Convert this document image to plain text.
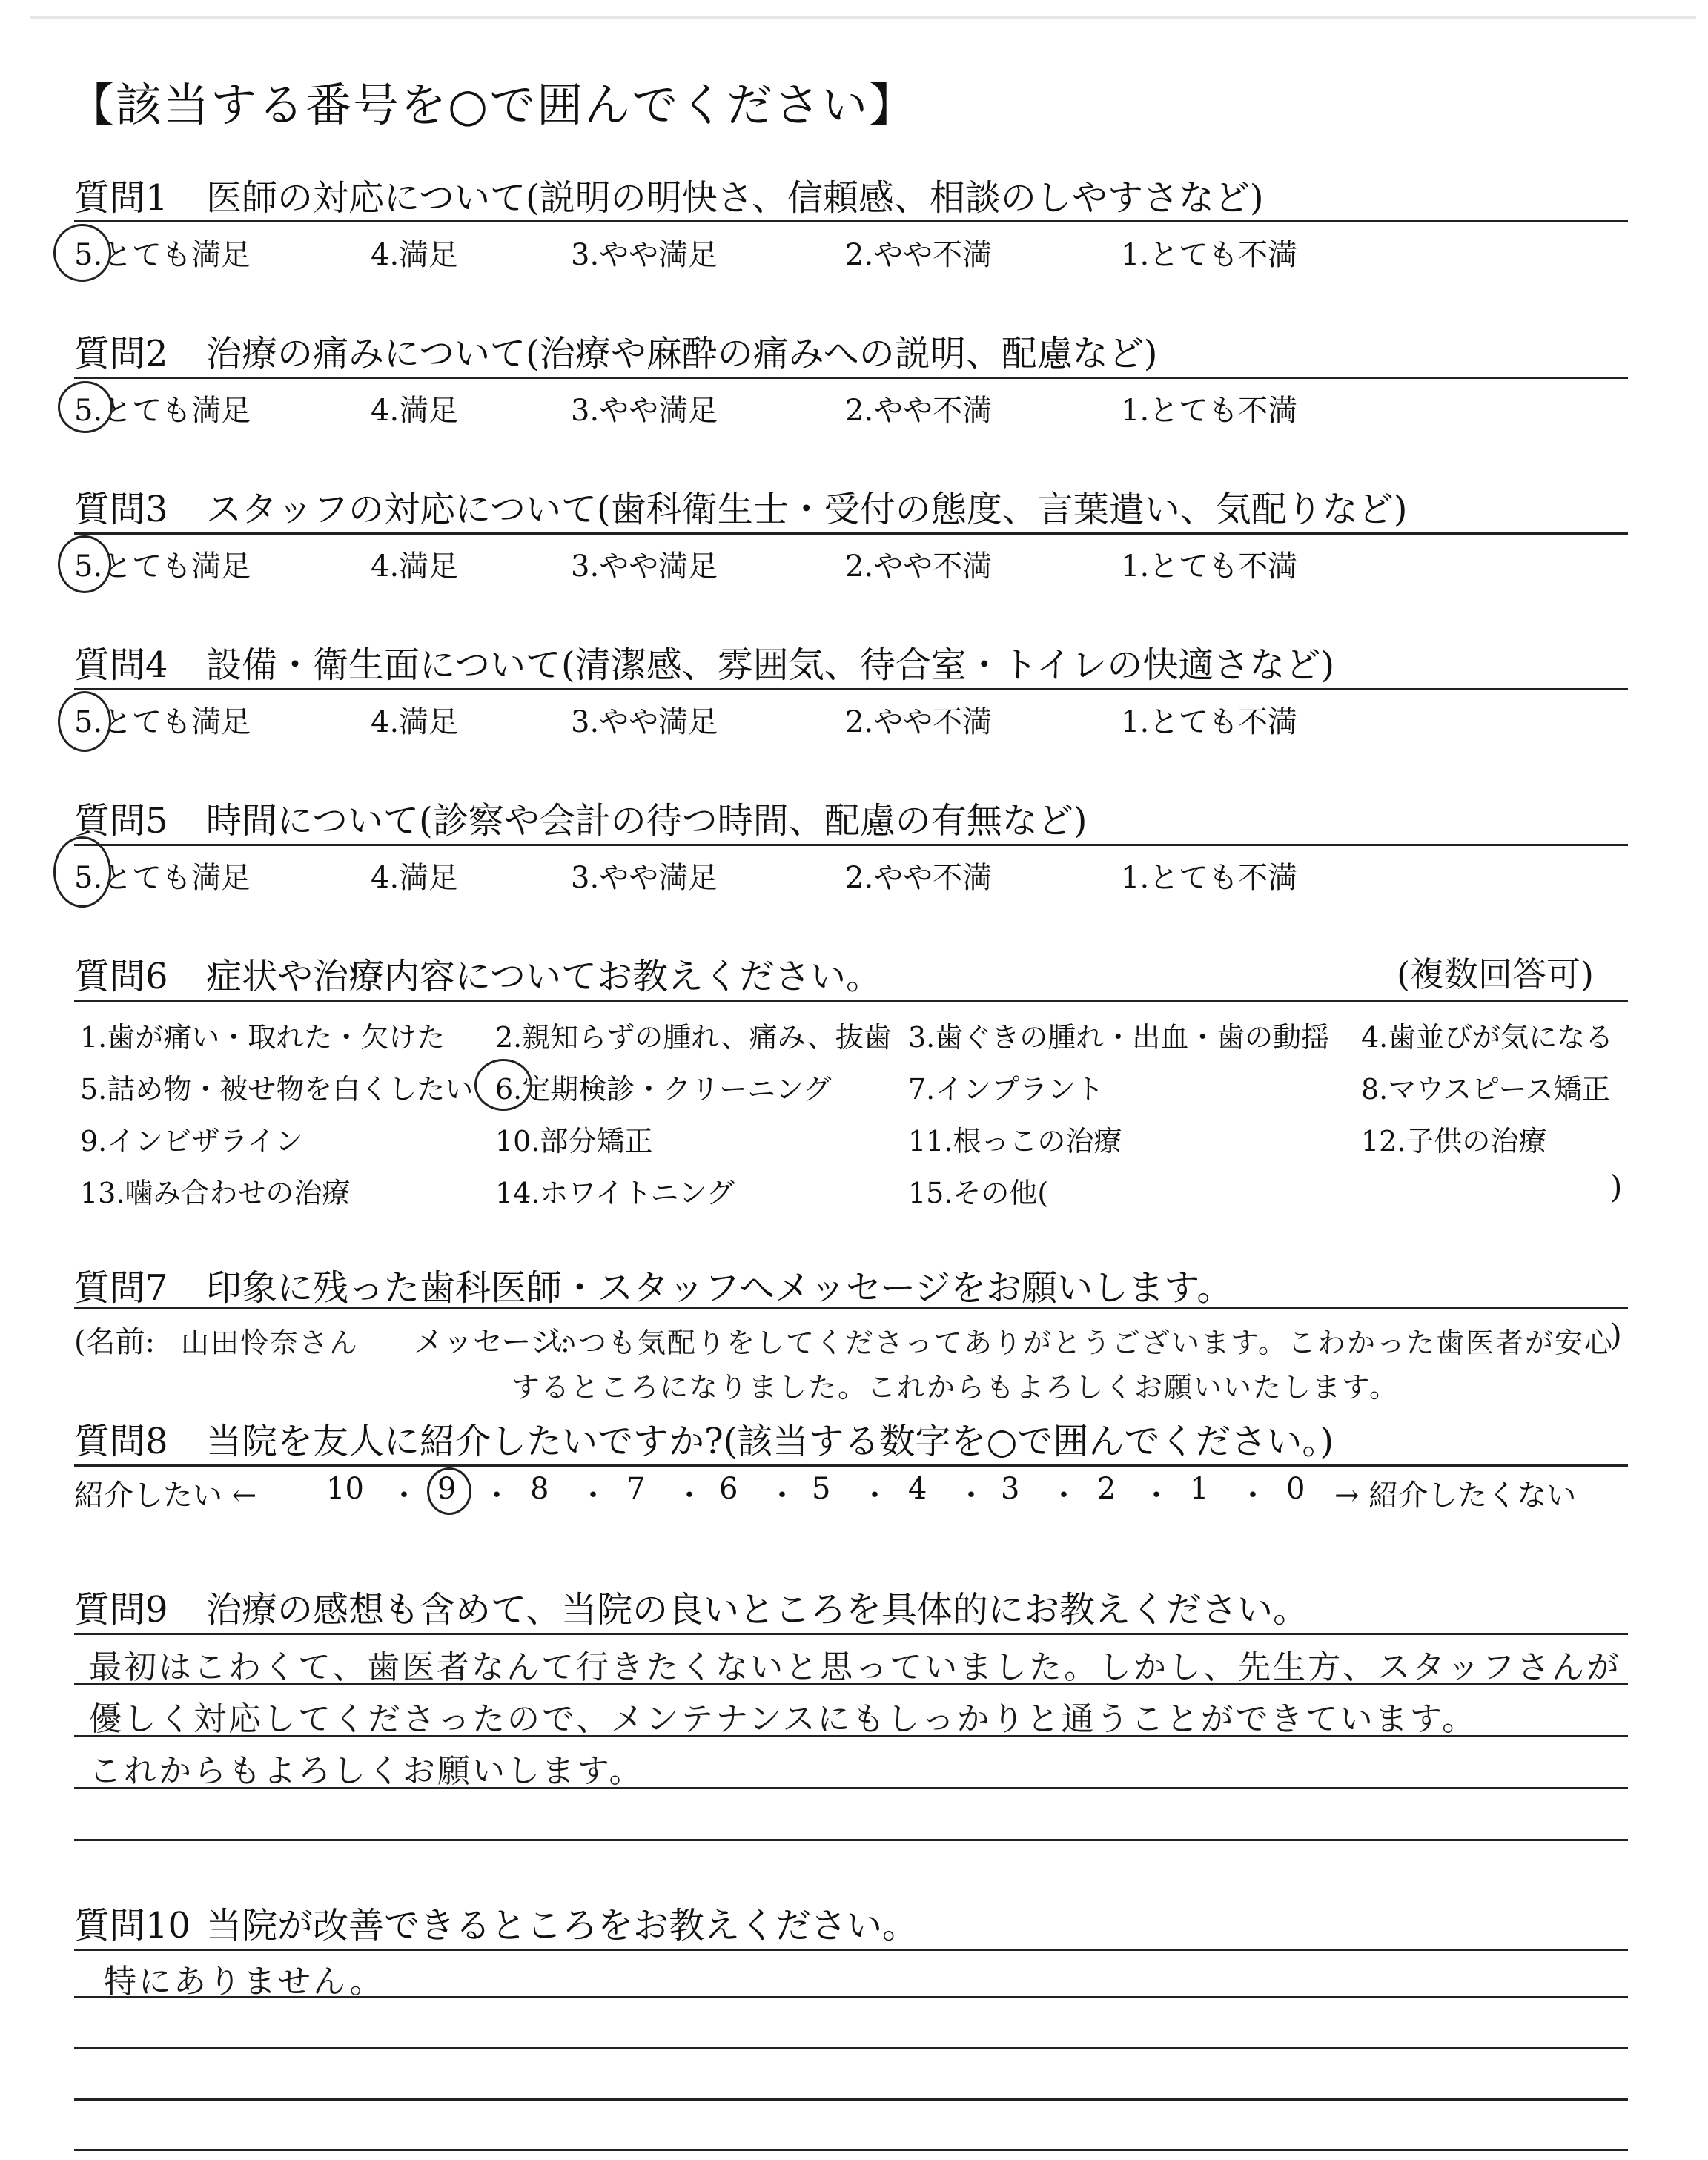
【該当する番号を○で囲んでください】
質問1 医師の対応について(説明の明快さ、信頼感、相談のしやすさなど)
5.とても満足	4.満足	3.やや満足	2.やや不満	1.とても不満
質問2 治療の痛みについて(治療や麻酔の痛みへの説明、配慮など)
5.とても満足	4.満足	3.やや満足	2.やや不満	1.とても不満
質問3 スタッフの対応について(歯科衛生士・受付の態度、言葉遣い、気配りなど)
5.とても満足	4.満足	3.やや満足	2.やや不満	1.とても不満
質問4 設備・衛生面について(清潔感、雰囲気、待合室・トイレの快適さなど)
5.とても満足	4.満足	3.やや満足	2.やや不満	1.とても不満
質問5 時間について(診察や会計の待つ時間、配慮の有無など)
5.とても満足	4.満足	3.やや満足	2.やや不満	1.とても不満
質問6 症状や治療内容についてお教えください。	(複数回答可)
1.歯が痛い・取れた・欠けた 2.親知らずの腫れ、痛み、抜歯 3.歯ぐきの腫れ・出血・歯の動揺 4.歯並びが気になる
5.詰め物・被せ物を白くしたい 6.定期検診・クリーニング	7.インプラント	8.マウスピース矯正
9.インビザライン	10.部分矯正	11.根っこの治療	12.子供の治療
13.噛み合わせの治療	14.ホワイトニング	15.その他(	)
質問7 印象に残った歯科医師・スタッフへメッセージをお願いします。
(名前: 山田怜奈さん メッセージ:
いつも気配りをしてくださってありがとうございます。こわかった歯医者が安心
)
するところになりました。これからもよろしくお願いいたします。
質問8 当院を友人に紹介したいですか?(該当する数字を○で囲んでください。)
紹介したい ← 10 ・ 9 ・ 8 ・ 7 ・ 6 ・ 5 ・ 4 ・ 3 ・ 2 ・ 1 ・ 0 → 紹介したくない
質問9 治療の感想も含めて、当院の良いところを具体的にお教えください。
最初はこわくて、歯医者なんて行きたくないと思っていました。しかし、先生方、スタッフさんが
優しく対応してくださったので、メンテナンスにもしっかりと通うことができています。
これからもよろしくお願いします。
質問10 当院が改善できるところをお教えください。
特にありません。
